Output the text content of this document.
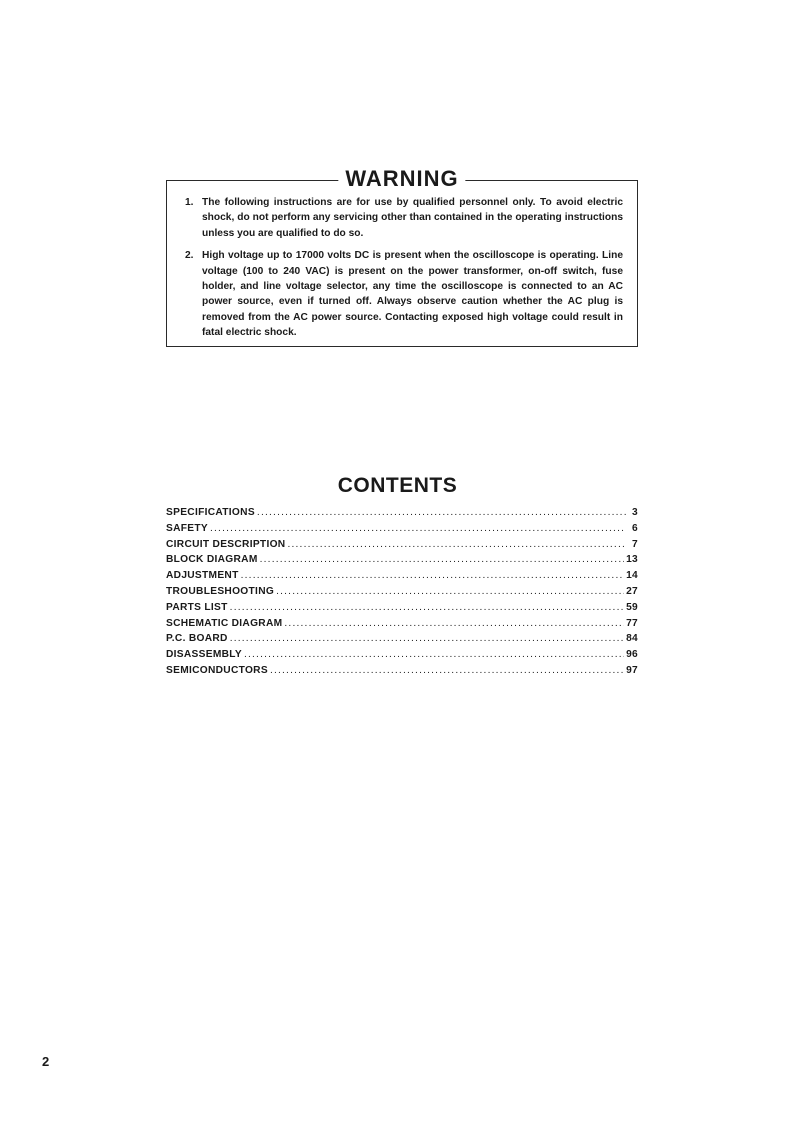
WARNING
1. The following instructions are for use by qualified personnel only. To avoid electric shock, do not perform any servicing other than contained in the operating instructions unless you are qualified to do so.
2. High voltage up to 17000 volts DC is present when the oscilloscope is operating. Line voltage (100 to 240 VAC) is present on the power transformer, on-off switch, fuse holder, and line voltage selector, any time the oscilloscope is connected to an AC power source, even if turned off. Always observe caution whether the AC plug is removed from the AC power source. Contacting exposed high voltage could result in fatal electric shock.
CONTENTS
SPECIFICATIONS .....	3
SAFETY .....	6
CIRCUIT DESCRIPTION .....	7
BLOCK DIAGRAM .....	13
ADJUSTMENT .....	14
TROUBLESHOOTING .....	27
PARTS LIST .....	59
SCHEMATIC DIAGRAM .....	77
P.C. BOARD .....	84
DISASSEMBLY .....	96
SEMICONDUCTORS .....	97
2
